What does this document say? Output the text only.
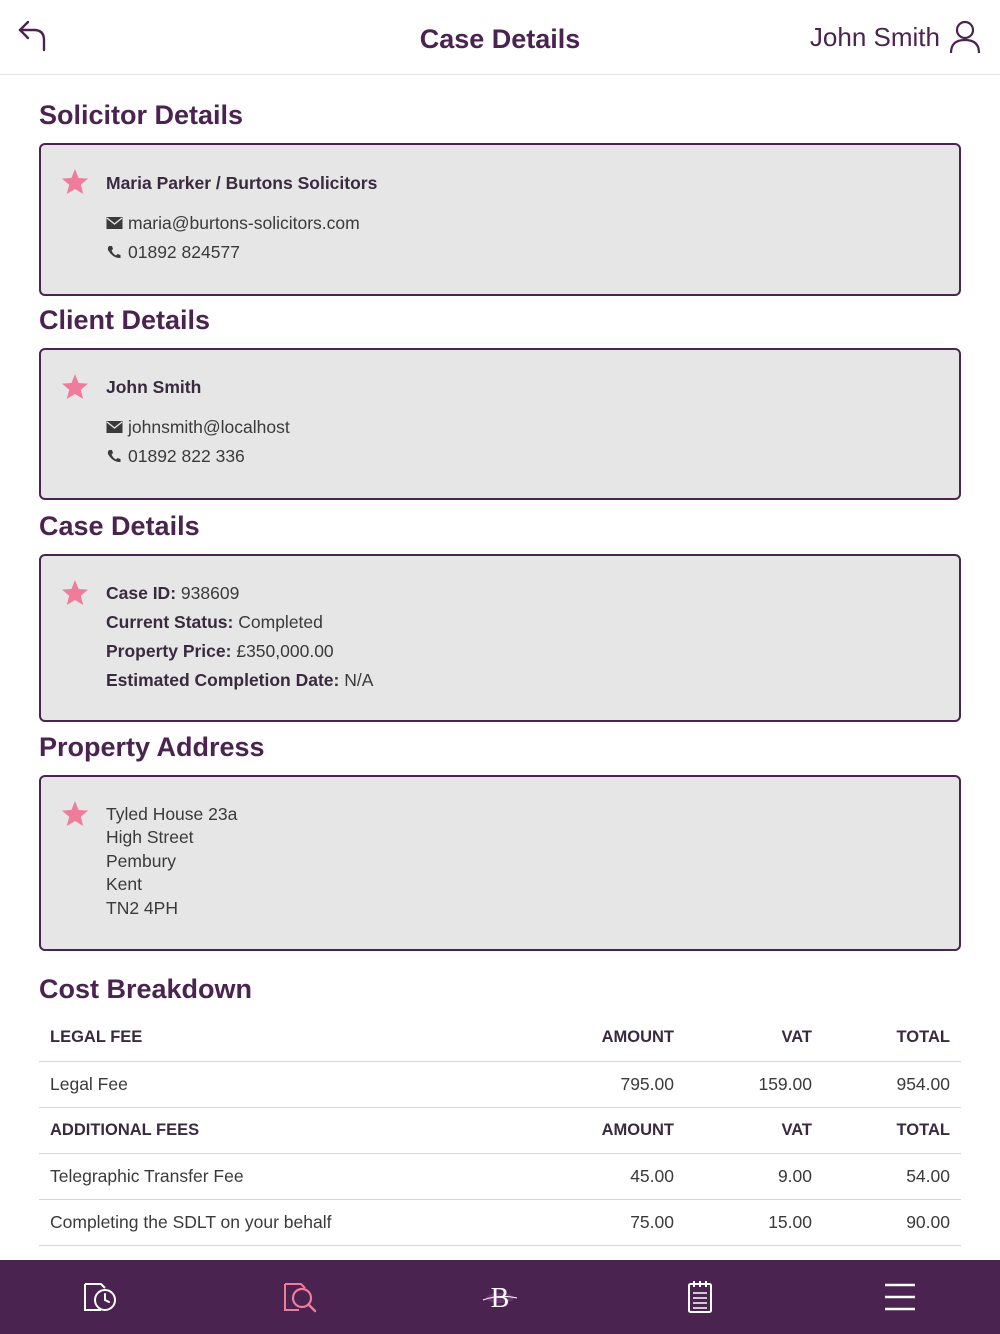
Case Details	John Smith
Solicitor Details
Maria Parker / Burtons Solicitors
maria@burtons-solicitors.com
01892 824577
Client Details
John Smith
johnsmith@localhost
01892 822 336
Case Details
Case ID: 938609
Current Status: Completed
Property Price: £350,000.00
Estimated Completion Date: N/A
Property Address
Tyled House 23a
High Street
Pembury
Kent
TN2 4PH
Cost Breakdown
LEGAL FEE	AMOUNT	VAT	TOTAL
Legal Fee	795.00	159.00	954.00
ADDITIONAL FEES	AMOUNT	VAT	TOTAL
Telegraphic Transfer Fee	45.00	9.00	54.00
Completing the SDLT on your behalf	75.00	15.00	90.00
B
